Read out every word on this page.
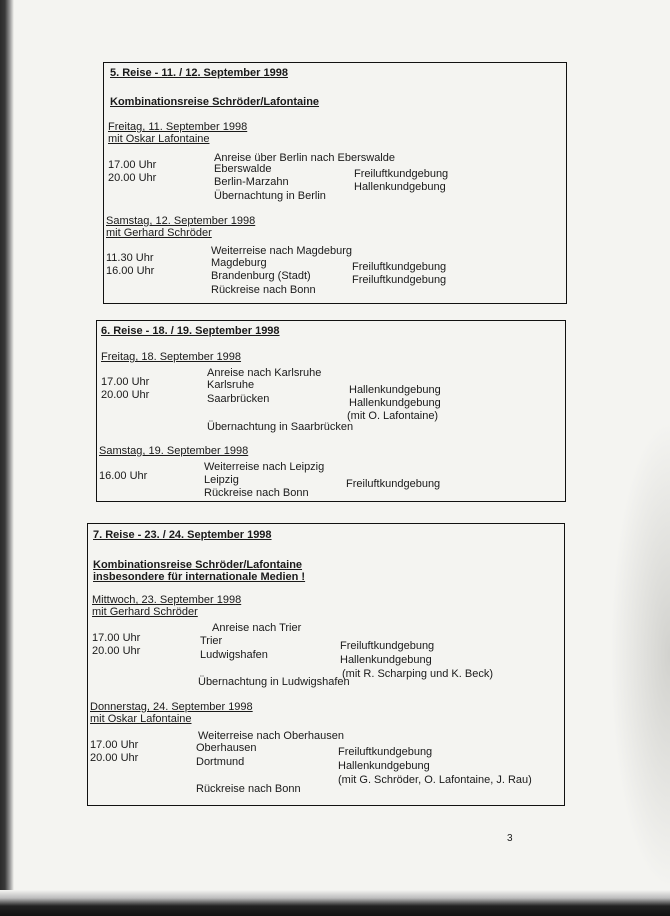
5. Reise - 11. / 12. September 1998
Kombinationsreise Schröder/Lafontaine
Freitag, 11. September 1998
mit Oskar Lafontaine
Anreise über Berlin nach Eberswalde
17.00 Uhr	Eberswalde	Freiluftkundgebung
20.00 Uhr	Berlin-Marzahn	Hallenkundgebung
Übernachtung in Berlin
Samstag, 12. September 1998
mit Gerhard Schröder
Weiterreise nach Magdeburg
11.30 Uhr	Magdeburg	Freiluftkundgebung
16.00 Uhr	Brandenburg (Stadt)	Freiluftkundgebung
Rückreise nach Bonn
6. Reise - 18. / 19. September 1998
Freitag, 18. September 1998
Anreise nach Karlsruhe
17.00 Uhr	Karlsruhe	Hallenkundgebung
20.00 Uhr	Saarbrücken	Hallenkundgebung
(mit O. Lafontaine)
Übernachtung in Saarbrücken
Samstag, 19. September 1998
Weiterreise nach Leipzig
16.00 Uhr	Leipzig	Freiluftkundgebung
Rückreise nach Bonn
7. Reise - 23. / 24. September 1998
Kombinationsreise Schröder/Lafontaine
insbesondere für internationale Medien !
Mittwoch, 23. September 1998
mit Gerhard Schröder
Anreise nach Trier
17.00 Uhr	Trier	Freiluftkundgebung
20.00 Uhr	Ludwigshafen	Hallenkundgebung
(mit R. Scharping und K. Beck)
Übernachtung in Ludwigshafen
Donnerstag, 24. September 1998
mit Oskar Lafontaine
Weiterreise nach Oberhausen
17.00 Uhr	Oberhausen	Freiluftkundgebung
20.00 Uhr	Dortmund	Hallenkundgebung
(mit G. Schröder, O. Lafontaine, J. Rau)
Rückreise nach Bonn
3
